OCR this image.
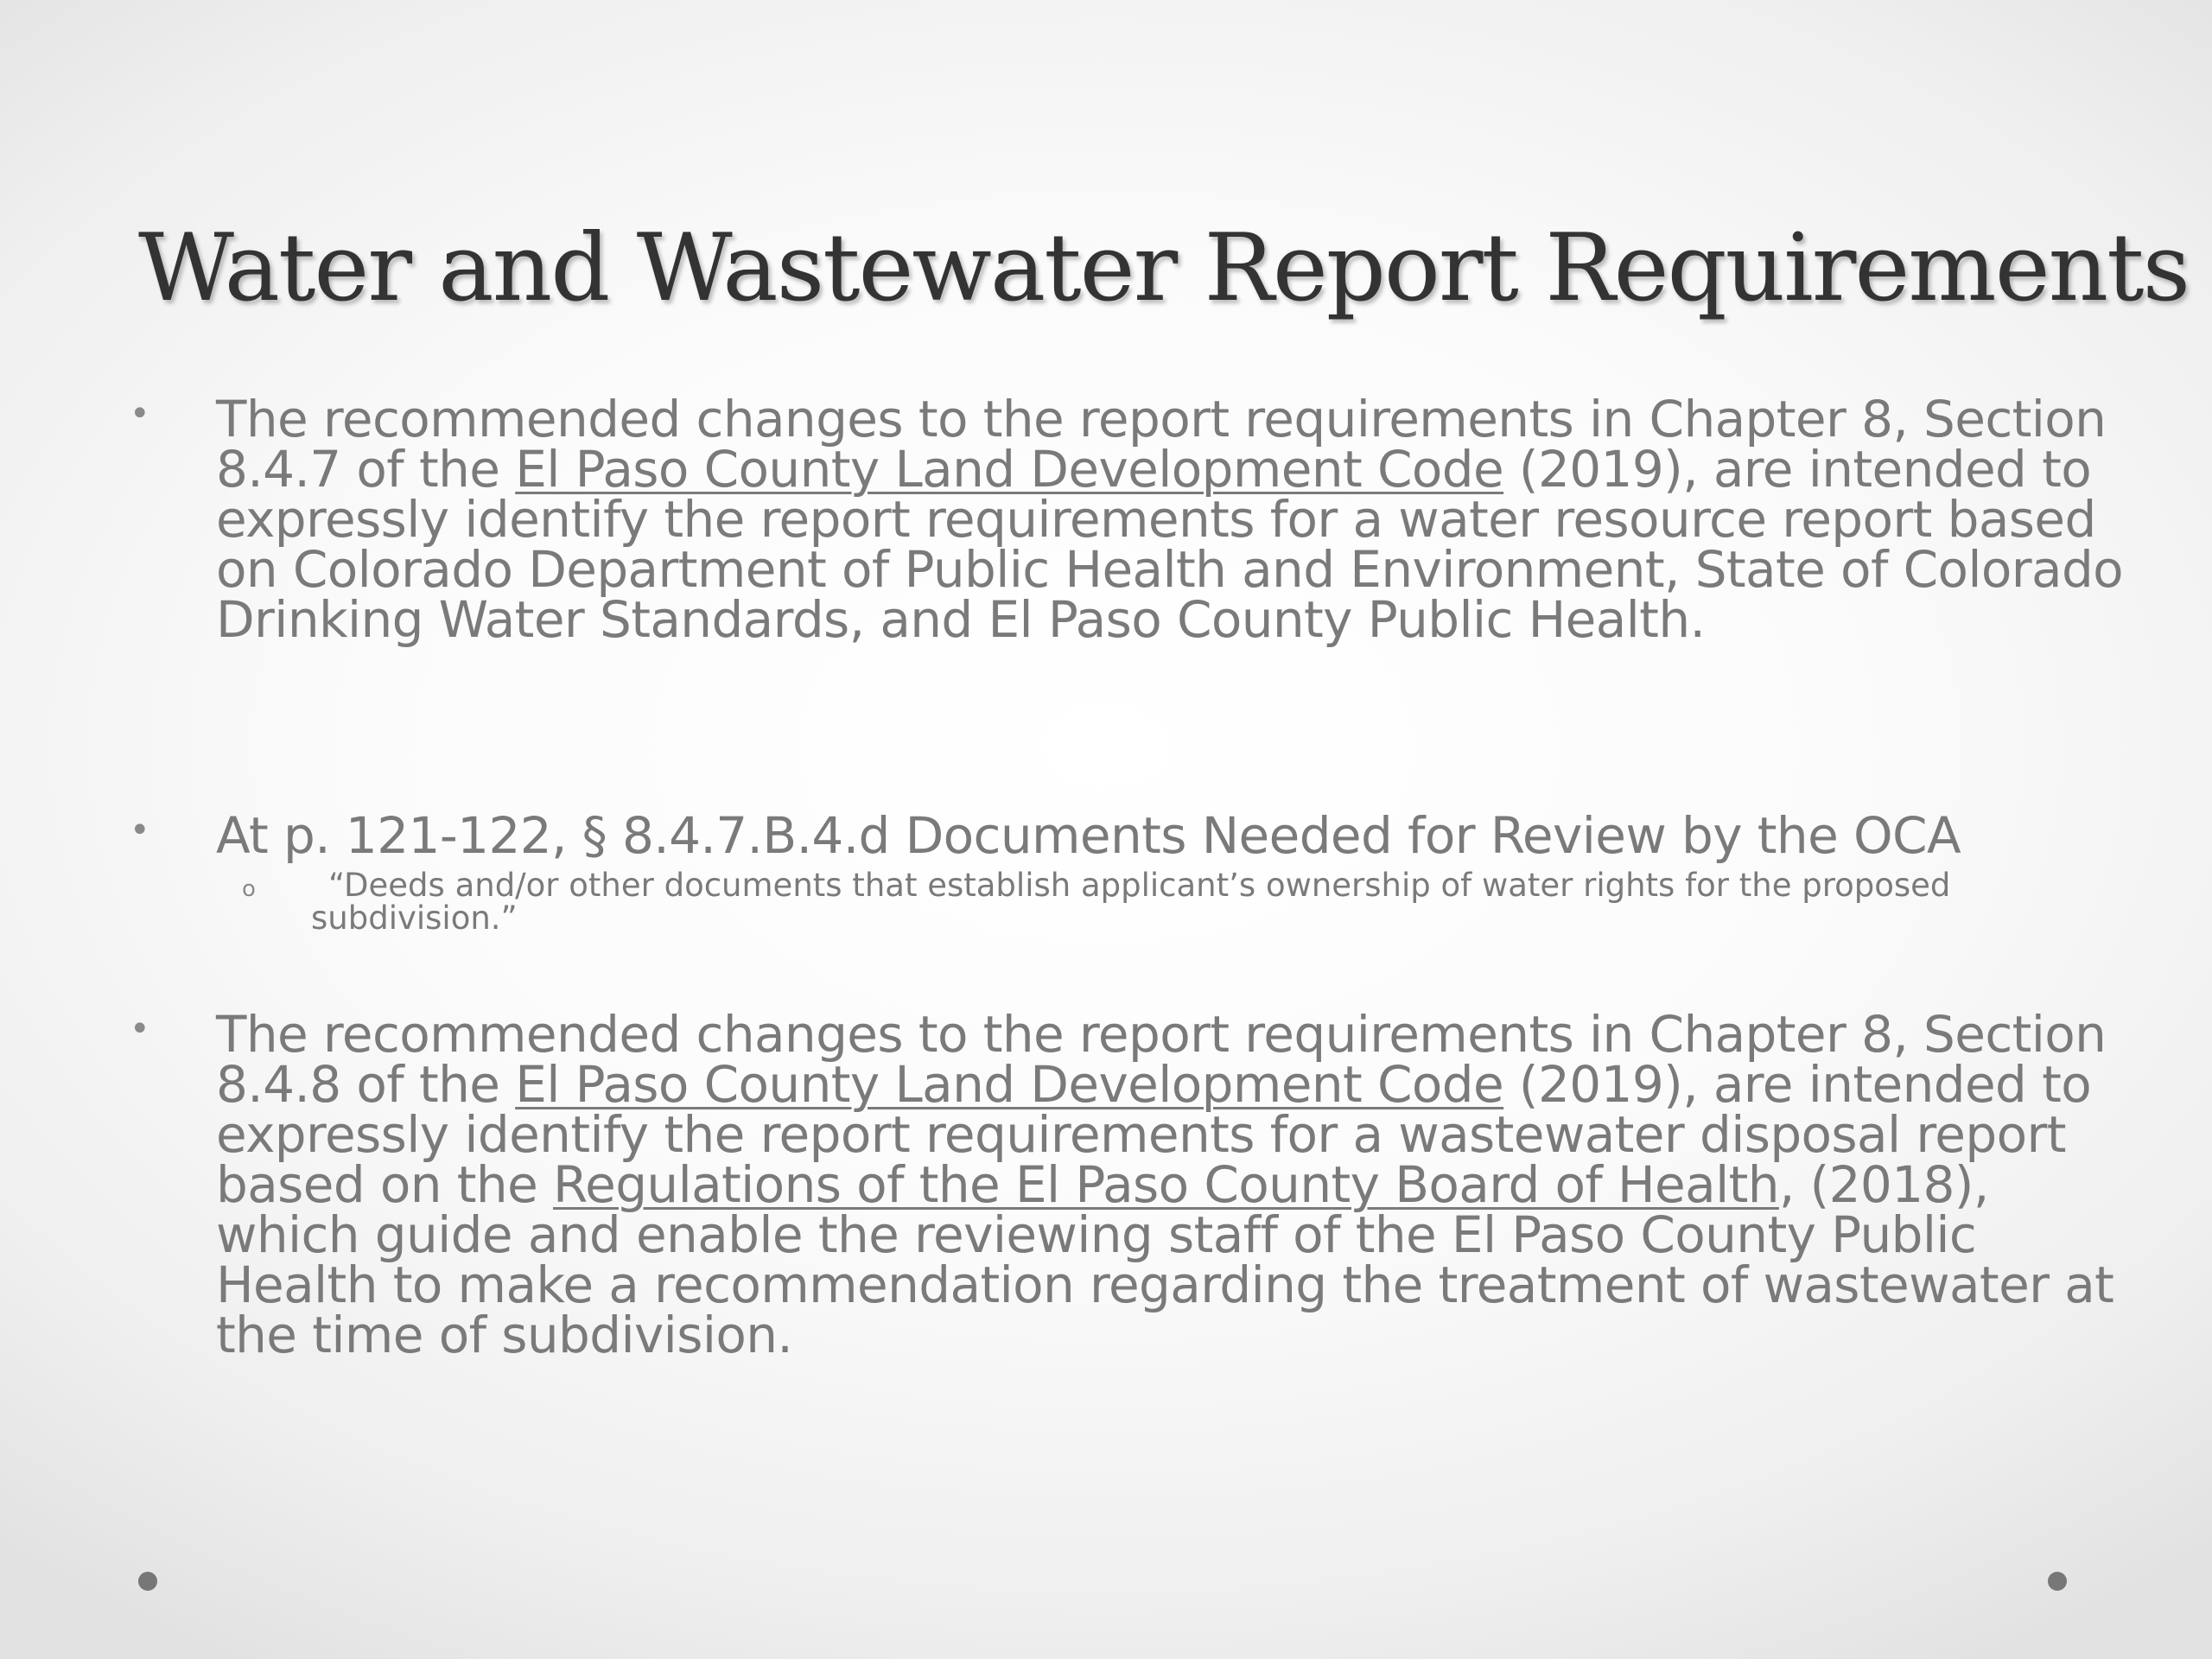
Water and Wastewater Report Requirements
• The recommended changes to the report requirements in Chapter 8, Section 8.4.7 of the El Paso County Land Development Code (2019), are intended to expressly identify the report requirements for a water resource report based on Colorado Department of Public Health and Environment, State of Colorado Drinking Water Standards, and El Paso County Public Health.
• At p. 121-122, § 8.4.7.B.4.d Documents Needed for Review by the OCA
o	“Deeds and/or other documents that establish applicant’s ownership of water rights for the proposed subdivision.”
• The recommended changes to the report requirements in Chapter 8, Section 8.4.8 of the El Paso County Land Development Code (2019), are intended to expressly identify the report requirements for a wastewater disposal report based on the Regulations of the El Paso County Board of Health, (2018), which guide and enable the reviewing staff of the El Paso County Public Health to make a recommendation regarding the treatment of wastewater at the time of subdivision.
